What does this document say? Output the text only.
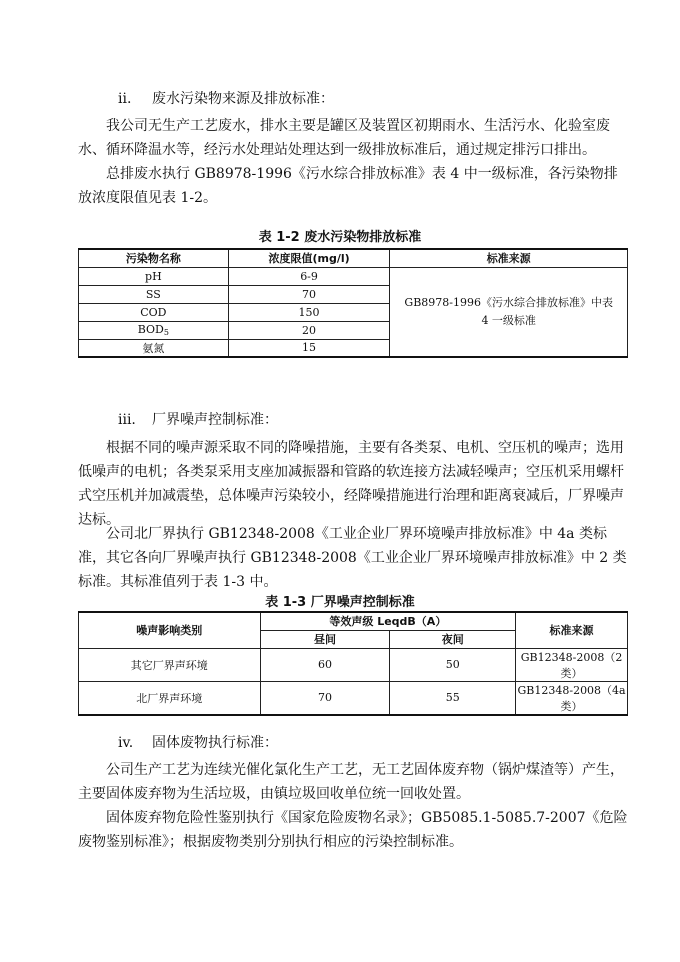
ii. 废水污染物来源及排放标准：
我公司无生产工艺废水，排水主要是罐区及装置区初期雨水、生活污水、化验室废水、循环降温水等，经污水处理站处理达到一级排放标准后，通过规定排污口排出。
总排废水执行 GB8978-1996《污水综合排放标准》表 4 中一级标准，各污染物排放浓度限值见表 1-2。
表 1-2 废水污染物排放标准
污染物名称	浓度限值(mg/l)	标准来源
pH	6-9	GB8978-1996《污水综合排放标准》中表 4 一级标准
SS	70	
COD	150	
$BOD_5$	20	
氨氮	15	
iii. 厂界噪声控制标准：
根据不同的噪声源采取不同的降噪措施，主要有各类泵、电机、空压机的噪声；选用低噪声的电机；各类泵采用支座加减振器和管路的软连接方法减轻噪声；空压机采用螺杆式空压机并加减震垫，总体噪声污染较小，经降噪措施进行治理和距离衰减后，厂界噪声达标。
公司北厂界执行 GB12348-2008《工业企业厂界环境噪声排放标准》中 4a 类标准，其它各向厂界噪声执行 GB12348-2008《工业企业厂界环境噪声排放标准》中 2 类标准。其标准值列于表 1-3 中。
表 1-3 厂界噪声控制标准
噪声影响类别	等效声级 LeqdB（A）		标准来源
	昼间	夜间	
其它厂界声环境	60	50	GB12348-2008（2 类）
北厂界声环境	70	55	GB12348-2008（4a 类）
iv. 固体废物执行标准：
公司生产工艺为连续光催化氯化生产工艺，无工艺固体废弃物（锅炉煤渣等）产生，主要固体废弃物为生活垃圾，由镇垃圾回收单位统一回收处置。
固体废弃物危险性鉴别执行《国家危险废物名录》；GB5085.1-5085.7-2007《危险废物鉴别标准》；根据废物类别分别执行相应的污染控制标准。
